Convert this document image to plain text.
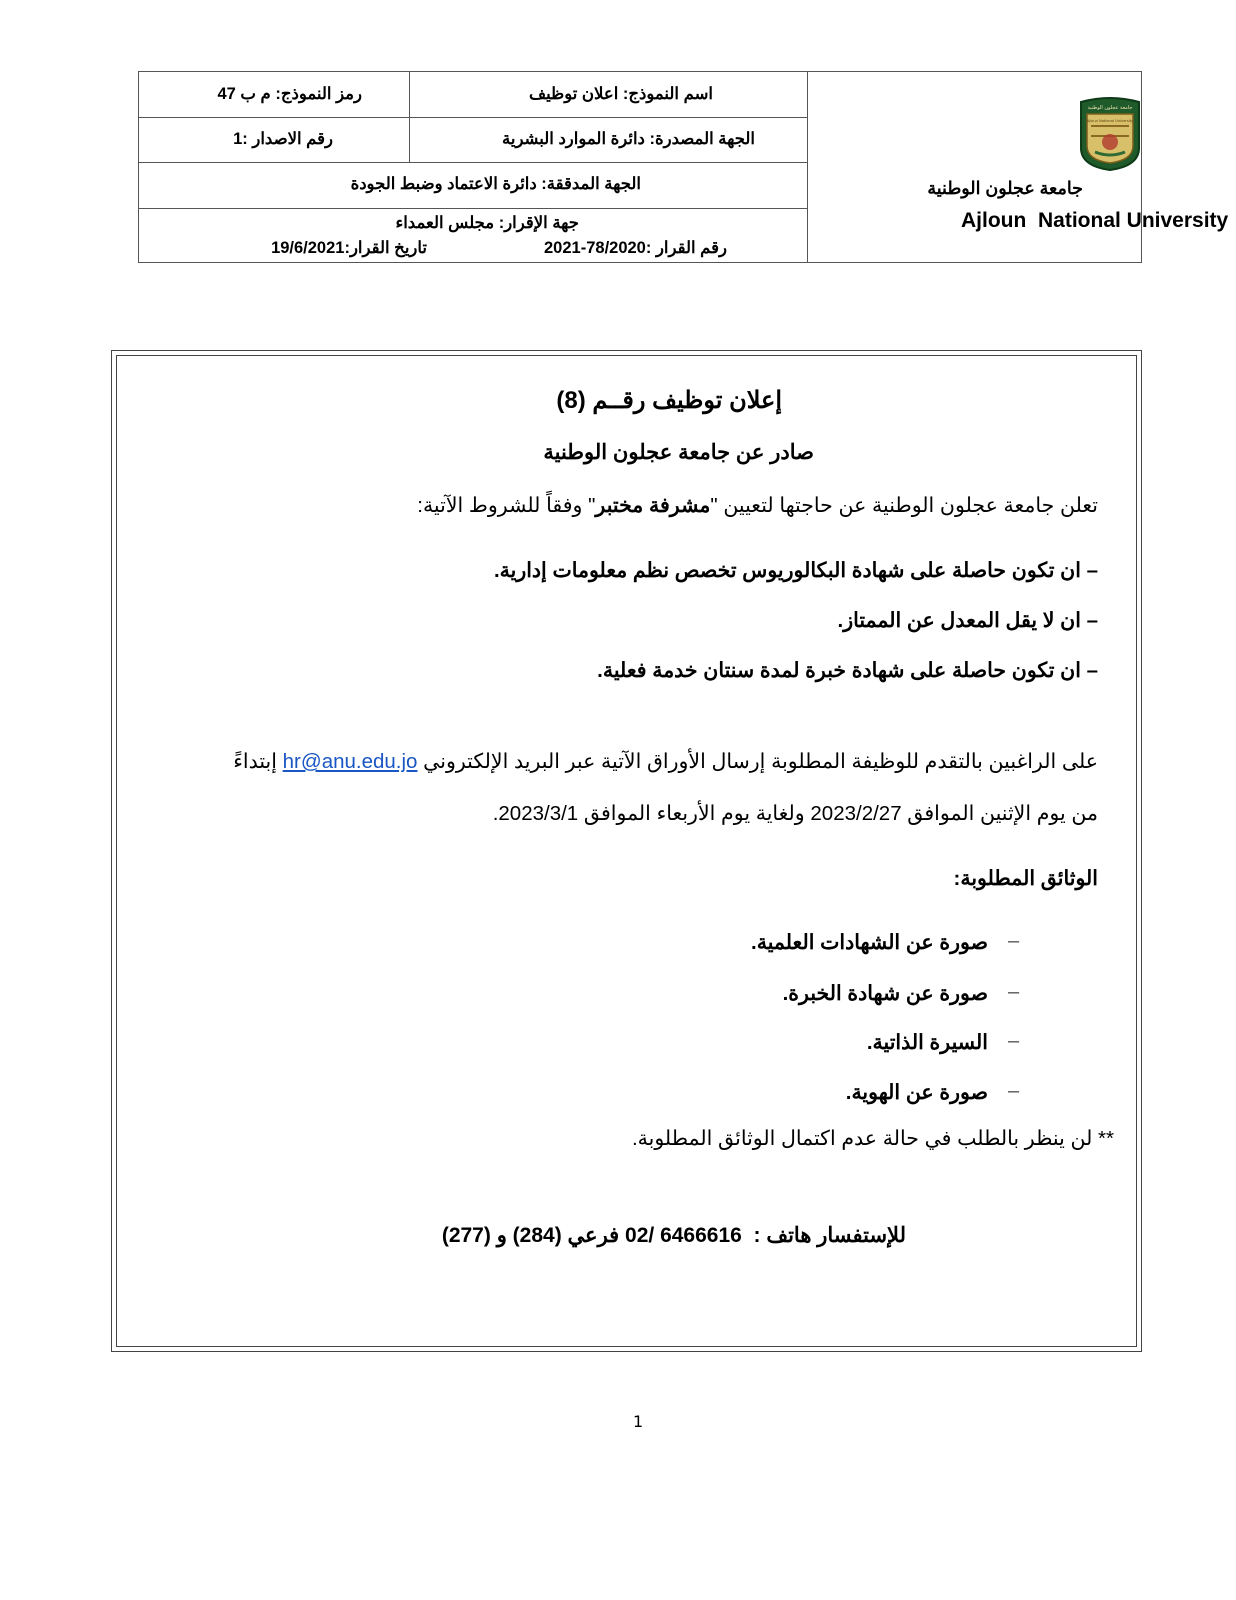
اسم النموذج: اعلان توظيف
رمز النموذج: م ب 47
الجهة المصدرة: دائرة الموارد البشرية
رقم الاصدار :1
الجهة المدققة: دائرة الاعتماد وضبط الجودة
جهة الإقرار: مجلس العمداء
رقم القرار :78/2020-2021
تاريخ القرار:19/6/2021
جامعة عجلون الوطنية
Ajloun National University
جامعة عجلون الوطنية
Ajloun  National University
إعلان توظيف رقــم (8)
صادر عن جامعة عجلون الوطنية
تعلن جامعة عجلون الوطنية عن حاجتها لتعيين "مشرفة مختبر" وفقاً للشروط الآتية:
– ان تكون حاصلة على شهادة البكالوريوس تخصص نظم معلومات إدارية.
– ان لا يقل المعدل عن الممتاز.
– ان تكون حاصلة على شهادة خبرة لمدة سنتان خدمة فعلية.
على الراغبين بالتقدم للوظيفة المطلوبة إرسال الأوراق الآتية عبر البريد الإلكتروني hr@anu.edu.jo إبتداءً
من يوم الإثنين الموافق 2023/2/27 ولغاية يوم الأربعاء الموافق 2023/3/1.
الوثائق المطلوبة:
–
صورة عن الشهادات العلمية.
–
صورة عن شهادة الخبرة.
–
السيرة الذاتية.
–
صورة عن الهوية.
** لن ينظر بالطلب في حالة عدم اكتمال الوثائق المطلوبة.
للإستفسار هاتف :  6466616 /02 فرعي (284) و (277)
1
